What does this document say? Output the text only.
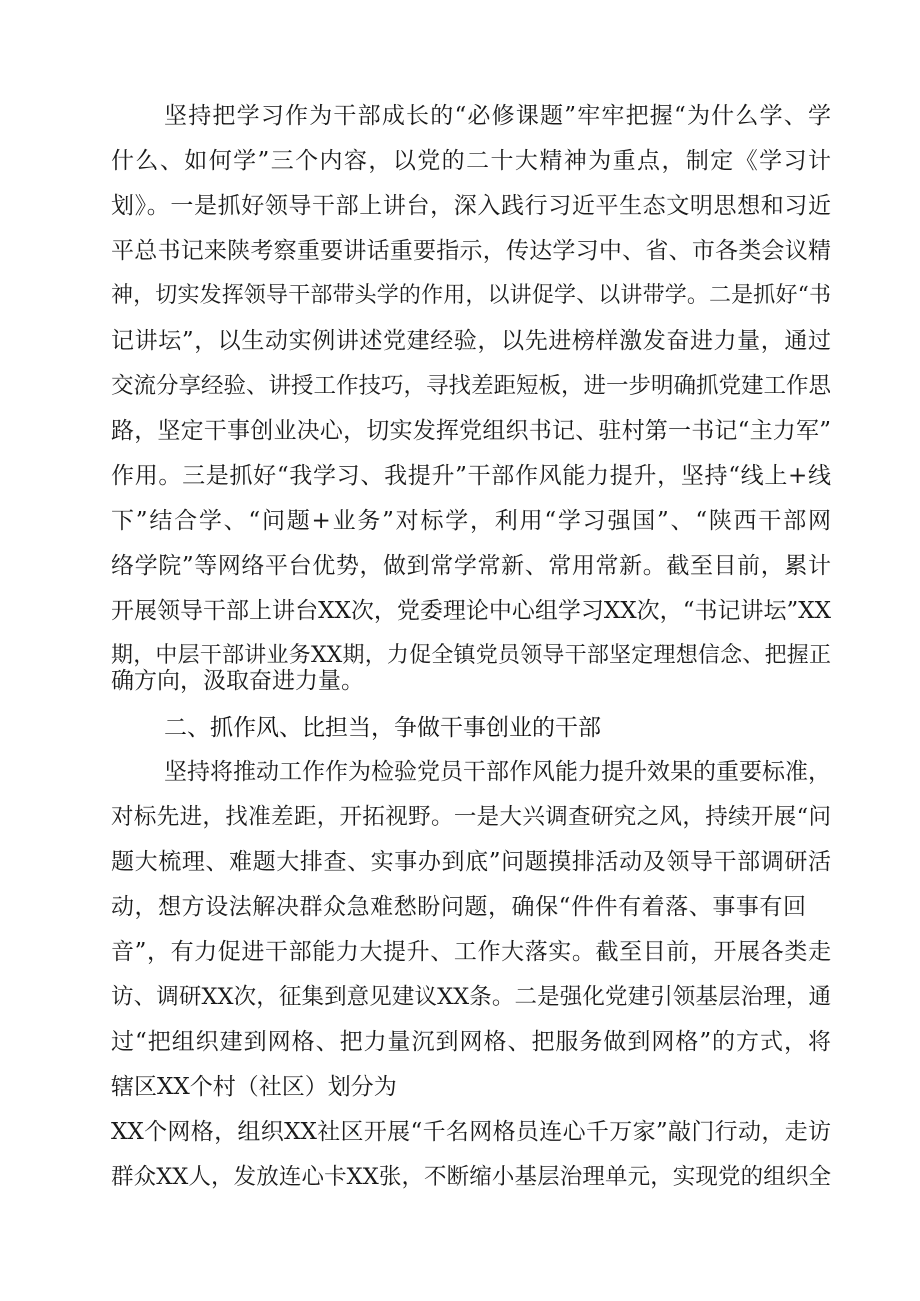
坚持把学习作为干部成长的“必修课题”牢牢把握“为什么学、学
什么、如何学”三个内容，以党的二十大精神为重点，制定《学习计
划》。一是抓好领导干部上讲台，深入践行习近平生态文明思想和习近
平总书记来陕考察重要讲话重要指示，传达学习中、省、市各类会议精
神，切实发挥领导干部带头学的作用，以讲促学、以讲带学。二是抓好“书
记讲坛”，以生动实例讲述党建经验，以先进榜样激发奋进力量，通过
交流分享经验、讲授工作技巧，寻找差距短板，进一步明确抓党建工作思
路，坚定干事创业决心，切实发挥党组织书记、驻村第一书记“主力军”
作用。三是抓好“我学习、我提升”干部作风能力提升，坚持“线上+线
下”结合学、“问题+业务”对标学，利用“学习强国”、“陕西干部网
络学院”等网络平台优势，做到常学常新、常用常新。截至目前，累计
开展领导干部上讲台XX次，党委理论中心组学习XX次，“书记讲坛”XX
期，中层干部讲业务XX期，力促全镇党员领导干部坚定理想信念、把握正
确方向，汲取奋进力量。
二、抓作风、比担当，争做干事创业的干部
坚持将推动工作作为检验党员干部作风能力提升效果的重要标准，
对标先进，找准差距，开拓视野。一是大兴调查研究之风，持续开展“问
题大梳理、难题大排查、实事办到底”问题摸排活动及领导干部调研活
动，想方设法解决群众急难愁盼问题，确保“件件有着落、事事有回
音”，有力促进干部能力大提升、工作大落实。截至目前，开展各类走
访、调研XX次，征集到意见建议XX条。二是强化党建引领基层治理，通
过“把组织建到网格、把力量沉到网格、把服务做到网格”的方式，将
辖区XX个村（社区）划分为
XX个网格，组织XX社区开展“千名网格员连心千万家”敲门行动，走访
群众XX人，发放连心卡XX张，不断缩小基层治理单元，实现党的组织全
